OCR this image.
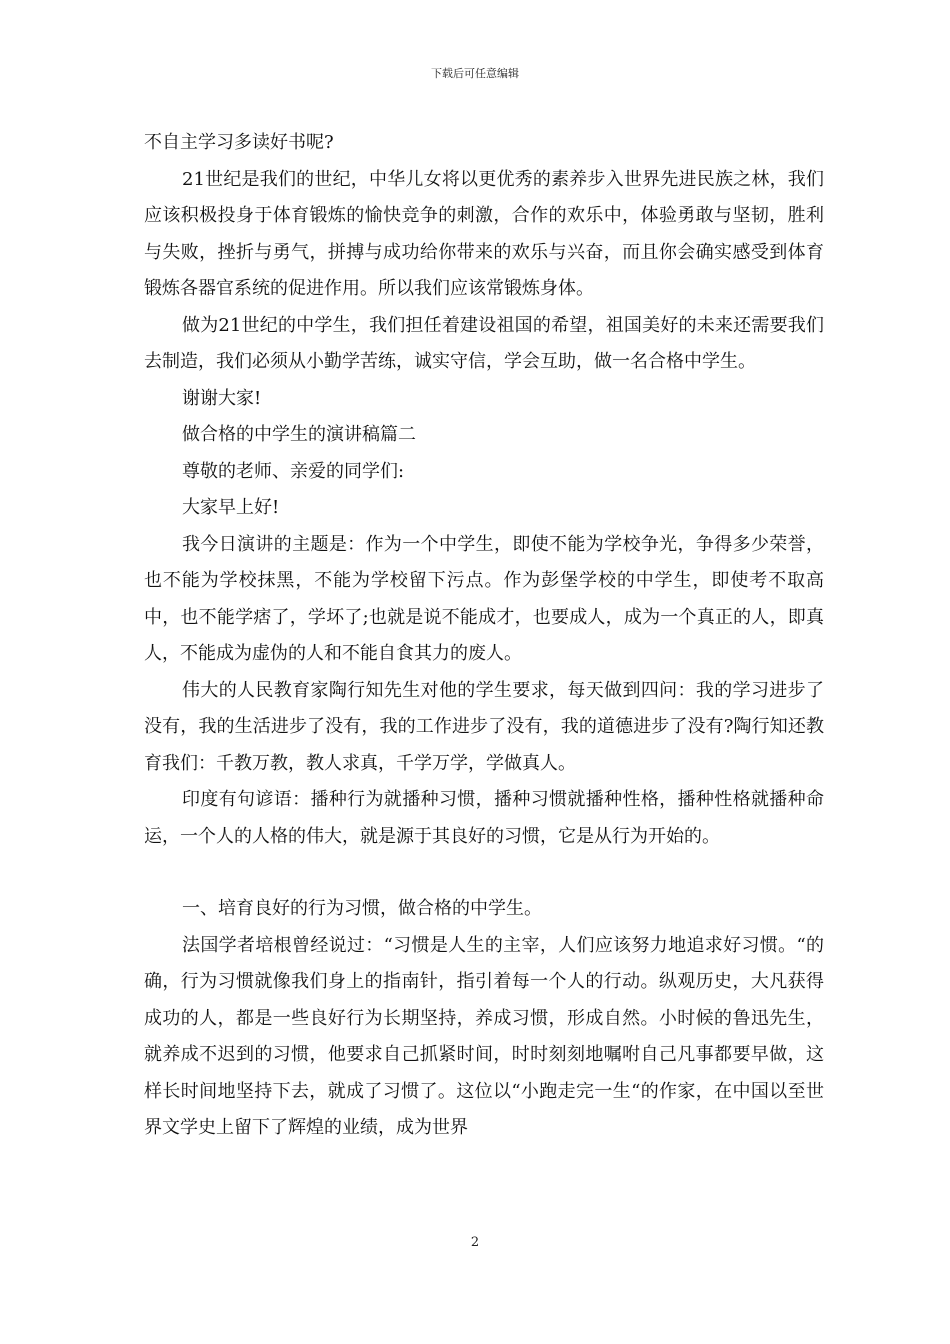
下载后可任意编辑

不自主学习多读好书呢?

21世纪是我们的世纪，中华儿女将以更优秀的素养步入世界先进民族之林，我们应该积极投身于体育锻炼的愉快竞争的刺激，合作的欢乐中，体验勇敢与坚韧，胜利与失败，挫折与勇气，拼搏与成功给你带来的欢乐与兴奋，而且你会确实感受到体育锻炼各器官系统的促进作用。所以我们应该常锻炼身体。

做为21世纪的中学生，我们担任着建设祖国的希望，祖国美好的未来还需要我们去制造，我们必须从小勤学苦练，诚实守信，学会互助，做一名合格中学生。

谢谢大家!

做合格的中学生的演讲稿篇二

尊敬的老师、亲爱的同学们:

大家早上好!

我今日演讲的主题是：作为一个中学生，即使不能为学校争光，争得多少荣誉，也不能为学校抹黑，不能为学校留下污点。作为彭堡学校的中学生，即使考不取高中，也不能学痞了，学坏了;也就是说不能成才，也要成人，成为一个真正的人，即真人，不能成为虚伪的人和不能自食其力的废人。

伟大的人民教育家陶行知先生对他的学生要求，每天做到四问：我的学习进步了没有，我的生活进步了没有，我的工作进步了没有，我的道德进步了没有?陶行知还教育我们：千教万教，教人求真，千学万学，学做真人。

印度有句谚语：播种行为就播种习惯，播种习惯就播种性格，播种性格就播种命运，一个人的人格的伟大，就是源于其良好的习惯，它是从行为开始的。

一、培育良好的行为习惯，做合格的中学生。

法国学者培根曾经说过：“习惯是人生的主宰，人们应该努力地追求好习惯。“的确，行为习惯就像我们身上的指南针，指引着每一个人的行动。纵观历史，大凡获得成功的人，都是一些良好行为长期坚持，养成习惯，形成自然。小时候的鲁迅先生，就养成不迟到的习惯，他要求自己抓紧时间，时时刻刻地嘱咐自己凡事都要早做，这样长时间地坚持下去，就成了习惯了。这位以“小跑走完一生“的作家，在中国以至世界文学史上留下了辉煌的业绩，成为世界

2
